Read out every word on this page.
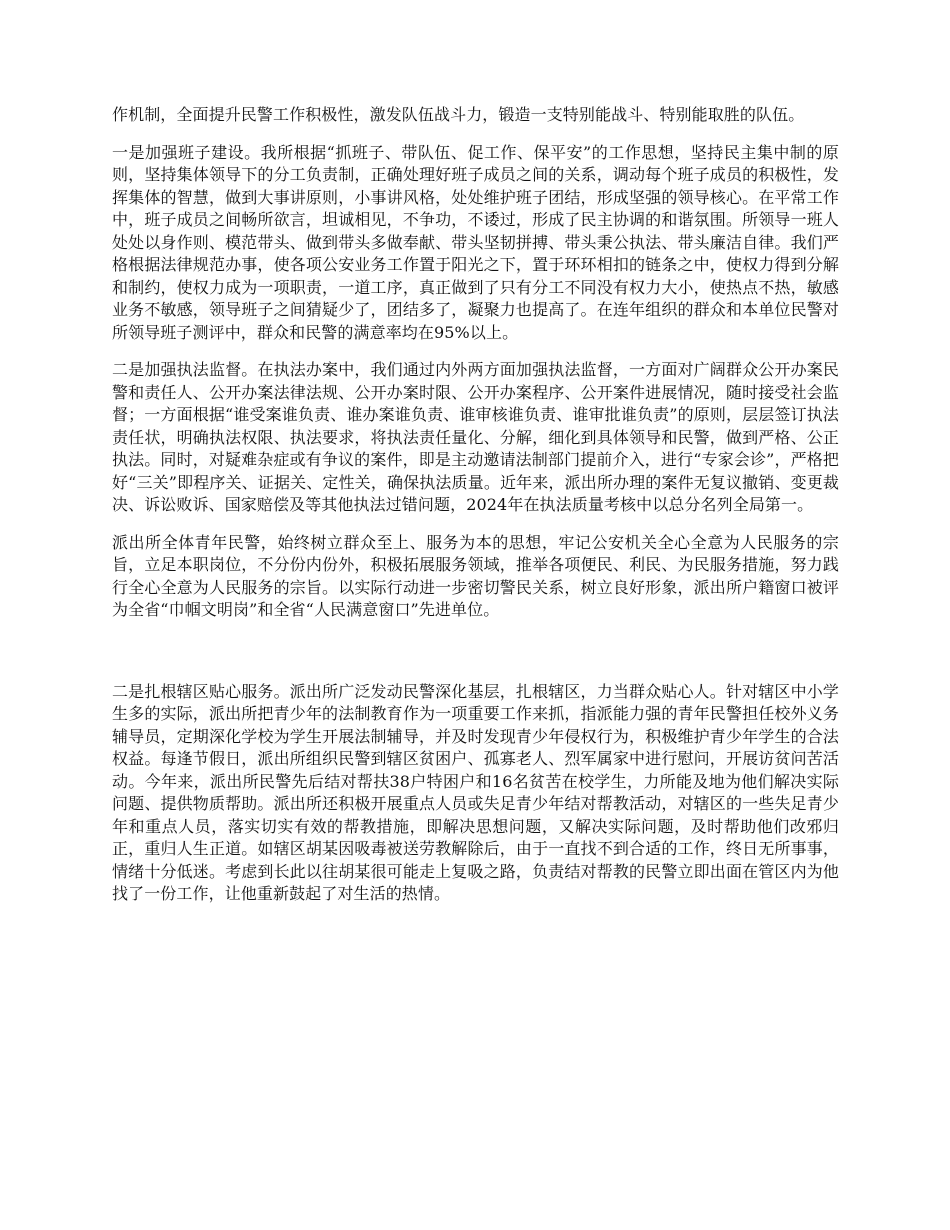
作机制，全面提升民警工作积极性，激发队伍战斗力，锻造一支特别能战斗、特别能取胜的队伍。

一是加强班子建设。我所根据“抓班子、带队伍、促工作、保平安”的工作思想，坚持民主集中制的原则，坚持集体领导下的分工负责制，正确处理好班子成员之间的关系，调动每个班子成员的积极性，发挥集体的智慧，做到大事讲原则，小事讲风格，处处维护班子团结，形成坚强的领导核心。在平常工作中，班子成员之间畅所欲言，坦诚相见，不争功，不诿过，形成了民主协调的和谐氛围。所领导一班人处处以身作则、模范带头、做到带头多做奉献、带头坚韧拼搏、带头秉公执法、带头廉洁自律。我们严格根据法律规范办事，使各项公安业务工作置于阳光之下，置于环环相扣的链条之中，使权力得到分解和制约，使权力成为一项职责，一道工序，真正做到了只有分工不同没有权力大小，使热点不热，敏感业务不敏感，领导班子之间猜疑少了，团结多了，凝聚力也提高了。在连年组织的群众和本单位民警对所领导班子测评中，群众和民警的满意率均在95%以上。

二是加强执法监督。在执法办案中，我们通过内外两方面加强执法监督，一方面对广阔群众公开办案民警和责任人、公开办案法律法规、公开办案时限、公开办案程序、公开案件进展情况，随时接受社会监督；一方面根据“谁受案谁负责、谁办案谁负责、谁审核谁负责、谁审批谁负责”的原则，层层签订执法责任状，明确执法权限、执法要求，将执法责任量化、分解，细化到具体领导和民警，做到严格、公正执法。同时，对疑难杂症或有争议的案件，即是主动邀请法制部门提前介入，进行“专家会诊”，严格把好“三关”即程序关、证据关、定性关，确保执法质量。近年来，派出所办理的案件无复议撤销、变更裁决、诉讼败诉、国家赔偿及等其他执法过错问题，2024年在执法质量考核中以总分名列全局第一。

派出所全体青年民警，始终树立群众至上、服务为本的思想，牢记公安机关全心全意为人民服务的宗旨，立足本职岗位，不分份内份外，积极拓展服务领域，推举各项便民、利民、为民服务措施，努力践行全心全意为人民服务的宗旨。以实际行动进一步密切警民关系，树立良好形象，派出所户籍窗口被评为全省“巾帼文明岗”和全省“人民满意窗口”先进单位。

二是扎根辖区贴心服务。派出所广泛发动民警深化基层，扎根辖区，力当群众贴心人。针对辖区中小学生多的实际，派出所把青少年的法制教育作为一项重要工作来抓，指派能力强的青年民警担任校外义务辅导员，定期深化学校为学生开展法制辅导，并及时发现青少年侵权行为，积极维护青少年学生的合法权益。每逢节假日，派出所组织民警到辖区贫困户、孤寡老人、烈军属家中进行慰问，开展访贫问苦活动。今年来，派出所民警先后结对帮扶38户特困户和16名贫苦在校学生，力所能及地为他们解决实际问题、提供物质帮助。派出所还积极开展重点人员或失足青少年结对帮教活动，对辖区的一些失足青少年和重点人员，落实切实有效的帮教措施，即解决思想问题，又解决实际问题，及时帮助他们改邪归正，重归人生正道。如辖区胡某因吸毒被送劳教解除后，由于一直找不到合适的工作，终日无所事事，情绪十分低迷。考虑到长此以往胡某很可能走上复吸之路，负责结对帮教的民警立即出面在管区内为他找了一份工作，让他重新鼓起了对生活的热情。
